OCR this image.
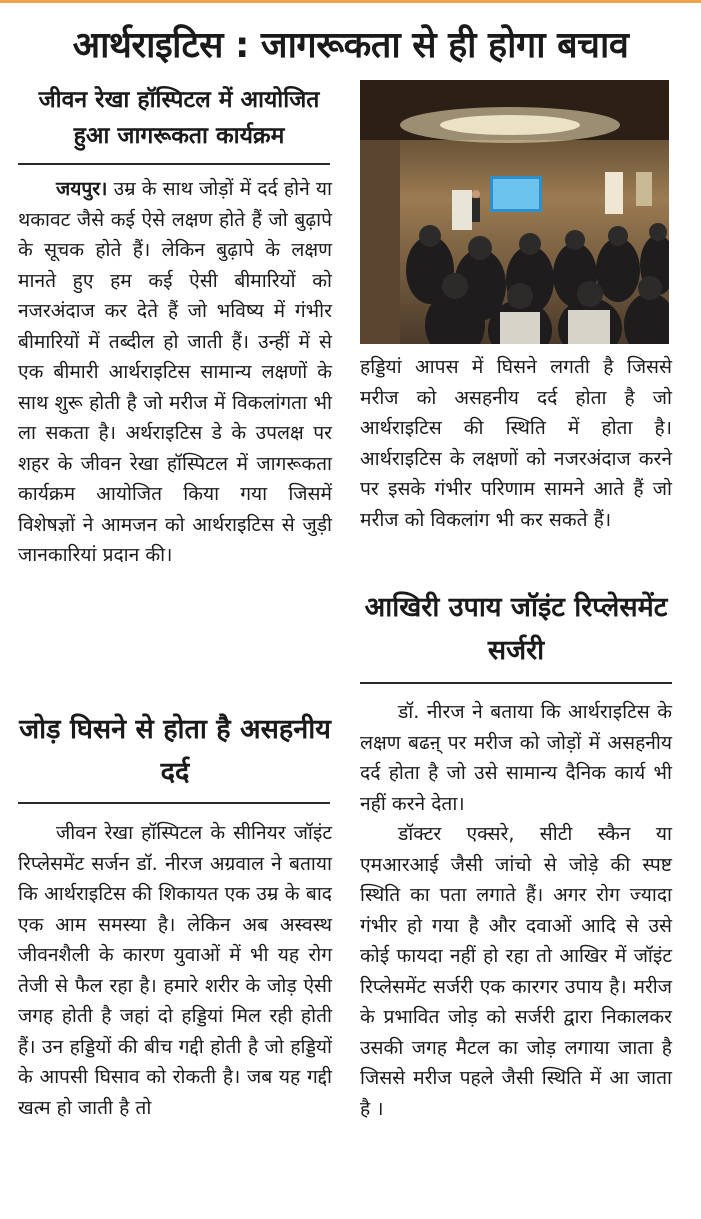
आर्थराइटिस : जागरूकता से ही होगा बचाव
जीवन रेखा हॉस्पिटल में आयोजित हुआ जागरूकता कार्यक्रम

जयपुर। उम्र के साथ जोड़ों में दर्द होने या थकावट जैसे कई ऐसे लक्षण होते हैं जो बुढ़ापे के सूचक होते हैं। लेकिन बुढ़ापे के लक्षण मानते हुए हम कई ऐसी बीमारियों को नजरअंदाज कर देते हैं जो भविष्य में गंभीर बीमारियों में तब्दील हो जाती हैं। उन्हीं में से एक बीमारी आर्थराइटिस सामान्य लक्षणों के साथ शुरू होती है जो मरीज में विकलांगता भी ला सकता है। अर्थराइटिस डे के उपलक्ष पर शहर के जीवन रेखा हॉस्पिटल में जागरूकता कार्यक्रम आयोजित किया गया जिसमें विशेषज्ञों ने आमजन को आर्थराइटिस से जुड़ी जानकारियां प्रदान की।

जोड़ घिसने से होता है असहनीय दर्द

जीवन रेखा हॉस्पिटल के सीनियर जॉइंट रिप्लेसमेंट सर्जन डॉ. नीरज अग्रवाल ने बताया कि आर्थराइटिस की शिकायत एक उम्र के बाद एक आम समस्या है। लेकिन अब अस्वस्थ जीवनशैली के कारण युवाओं में भी यह रोग तेजी से फैल रहा है। हमारे शरीर के जोड़ ऐसी जगह होती है जहां दो हड्डियां मिल रही होती हैं। उन हड्डियों की बीच गद्दी होती है जो हड्डियों के आपसी घिसाव को रोकती है। जब यह गद्दी खत्म हो जाती है तो

हड्डियां आपस में घिसने लगती है जिससे मरीज को असहनीय दर्द होता है जो आर्थराइटिस की स्थिति में होता है। आर्थराइटिस के लक्षणों को नजरअंदाज करने पर इसके गंभीर परिणाम सामने आते हैं जो मरीज को विकलांग भी कर सकते हैं।

आखिरी उपाय जॉइंट रिप्लेसमेंट सर्जरी

डॉ. नीरज ने बताया कि आर्थराइटिस के लक्षण बढऩ् पर मरीज को जोड़ों में असहनीय दर्द होता है जो उसे सामान्य दैनिक कार्य भी नहीं करने देता।

डॉक्टर एक्सरे, सीटी स्कैन या एमआरआई जैसी जांचो से जोड़े की स्पष्ट स्थिति का पता लगाते हैं। अगर रोग ज्यादा गंभीर हो गया है और दवाओं आदि से उसे कोई फायदा नहीं हो रहा तो आखिर में जॉइंट रिप्लेसमेंट सर्जरी एक कारगर उपाय है। मरीज के प्रभावित जोड़ को सर्जरी द्वारा निकालकर उसकी जगह मैटल का जोड़ लगाया जाता है जिससे मरीज पहले जैसी स्थिति में आ जाता है ।
